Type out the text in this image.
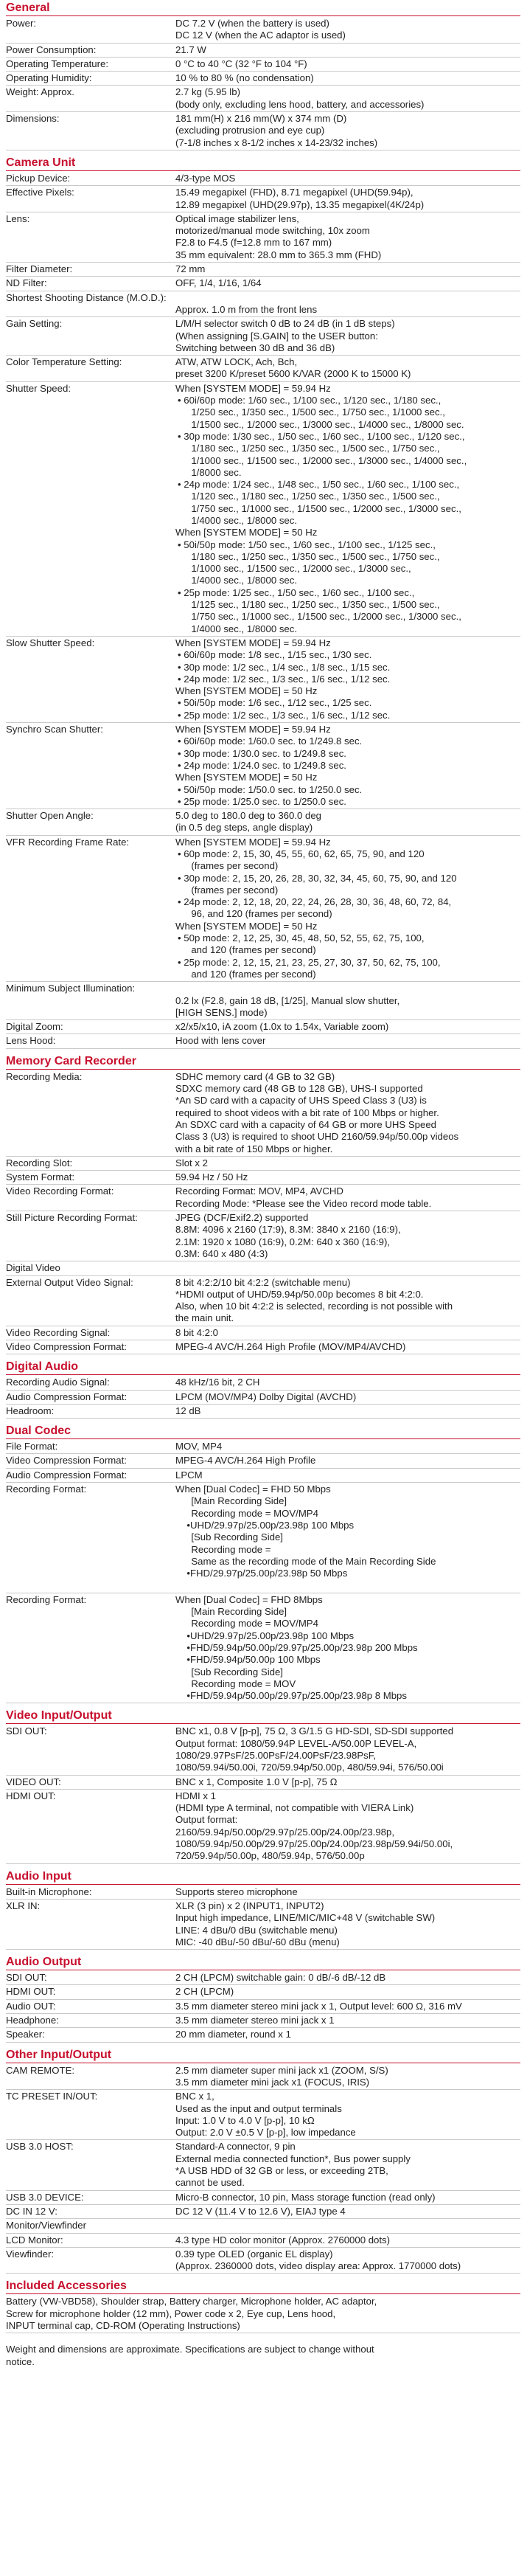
General
Power:	DC 7.2 V (when the battery is used)
DC 12 V (when the AC adaptor is used)
Power Consumption:	21.7 W
Operating Temperature:	0 °C to 40 °C (32 °F to 104 °F)
Operating Humidity:	10 % to 80 % (no condensation)
Weight: Approx.	2.7 kg (5.95 lb)
(body only, excluding lens hood, battery, and accessories)
Dimensions:	181 mm(H) x 216 mm(W) x 374 mm (D)
(excluding protrusion and eye cup)
(7-1/8 inches x 8-1/2 inches x 14-23/32 inches)
Camera Unit
Pickup Device:	4/3-type MOS
Effective Pixels:	15.49 megapixel (FHD), 8.71 megapixel (UHD(59.94p),
12.89 megapixel (UHD(29.97p), 13.35 megapixel(4K/24p)
Lens:	Optical image stabilizer lens,
motorized/manual mode switching, 10x zoom
F2.8 to F4.5 (f=12.8 mm to 167 mm)
35 mm equivalent: 28.0 mm to 365.3 mm (FHD)
Filter Diameter:	72 mm
ND Filter:	OFF, 1/4, 1/16, 1/64
Shortest Shooting Distance (M.O.D.):
Approx. 1.0 m from the front lens
Gain Setting:	L/M/H selector switch 0 dB to 24 dB (in 1 dB steps)
(When assigning [S.GAIN] to the USER button:
Switching between 30 dB and 36 dB)
Color Temperature Setting:	ATW, ATW LOCK, Ach, Bch,
preset 3200 K/preset 5600 K/VAR (2000 K to 15000 K)
Shutter Speed:	When [SYSTEM MODE] = 59.94 Hz
• 60i/60p mode: 1/60 sec., 1/100 sec., 1/120 sec., 1/180 sec.,
1/250 sec., 1/350 sec., 1/500 sec., 1/750 sec., 1/1000 sec.,
1/1500 sec., 1/2000 sec., 1/3000 sec., 1/4000 sec., 1/8000 sec.
• 30p mode: 1/30 sec., 1/50 sec., 1/60 sec., 1/100 sec., 1/120 sec.,
1/180 sec., 1/250 sec., 1/350 sec., 1/500 sec., 1/750 sec.,
1/1000 sec., 1/1500 sec., 1/2000 sec., 1/3000 sec., 1/4000 sec.,
1/8000 sec.
• 24p mode: 1/24 sec., 1/48 sec., 1/50 sec., 1/60 sec., 1/100 sec.,
1/120 sec., 1/180 sec., 1/250 sec., 1/350 sec., 1/500 sec.,
1/750 sec., 1/1000 sec., 1/1500 sec., 1/2000 sec., 1/3000 sec.,
1/4000 sec., 1/8000 sec.
When [SYSTEM MODE] = 50 Hz
• 50i/50p mode: 1/50 sec., 1/60 sec., 1/100 sec., 1/125 sec.,
1/180 sec., 1/250 sec., 1/350 sec., 1/500 sec., 1/750 sec.,
1/1000 sec., 1/1500 sec., 1/2000 sec., 1/3000 sec.,
1/4000 sec., 1/8000 sec.
• 25p mode: 1/25 sec., 1/50 sec., 1/60 sec., 1/100 sec.,
1/125 sec., 1/180 sec., 1/250 sec., 1/350 sec., 1/500 sec.,
1/750 sec., 1/1000 sec., 1/1500 sec., 1/2000 sec., 1/3000 sec.,
1/4000 sec., 1/8000 sec.
Slow Shutter Speed:	When [SYSTEM MODE] = 59.94 Hz
• 60i/60p mode: 1/8 sec., 1/15 sec., 1/30 sec.
• 30p mode: 1/2 sec., 1/4 sec., 1/8 sec., 1/15 sec.
• 24p mode: 1/2 sec., 1/3 sec., 1/6 sec., 1/12 sec.
When [SYSTEM MODE] = 50 Hz
• 50i/50p mode: 1/6 sec., 1/12 sec., 1/25 sec.
• 25p mode: 1/2 sec., 1/3 sec., 1/6 sec., 1/12 sec.
Synchro Scan Shutter:	When [SYSTEM MODE] = 59.94 Hz
• 60i/60p mode: 1/60.0 sec. to 1/249.8 sec.
• 30p mode: 1/30.0 sec. to 1/249.8 sec.
• 24p mode: 1/24.0 sec. to 1/249.8 sec.
When [SYSTEM MODE] = 50 Hz
• 50i/50p mode: 1/50.0 sec. to 1/250.0 sec.
• 25p mode: 1/25.0 sec. to 1/250.0 sec.
Shutter Open Angle:	5.0 deg to 180.0 deg to 360.0 deg
(in 0.5 deg steps, angle display)
VFR Recording Frame Rate:	When [SYSTEM MODE] = 59.94 Hz
• 60p mode: 2, 15, 30, 45, 55, 60, 62, 65, 75, 90, and 120
(frames per second)
• 30p mode: 2, 15, 20, 26, 28, 30, 32, 34, 45, 60, 75, 90, and 120
(frames per second)
• 24p mode: 2, 12, 18, 20, 22, 24, 26, 28, 30, 36, 48, 60, 72, 84,
96, and 120 (frames per second)
When [SYSTEM MODE] = 50 Hz
• 50p mode: 2, 12, 25, 30, 45, 48, 50, 52, 55, 62, 75, 100,
and 120 (frames per second)
• 25p mode: 2, 12, 15, 21, 23, 25, 27, 30, 37, 50, 62, 75, 100,
and 120 (frames per second)
Minimum Subject Illumination:
0.2 lx (F2.8, gain 18 dB, [1/25], Manual slow shutter,
[HIGH SENS.] mode)
Digital Zoom:	x2/x5/x10, iA zoom (1.0x to 1.54x, Variable zoom)
Lens Hood:	Hood with lens cover
Memory Card Recorder
Recording Media:	SDHC memory card (4 GB to 32 GB)
SDXC memory card (48 GB to 128 GB), UHS-I supported
*An SD card with a capacity of UHS Speed Class 3 (U3) is
required to shoot videos with a bit rate of 100 Mbps or higher.
An SDXC card with a capacity of 64 GB or more UHS Speed
Class 3 (U3) is required to shoot UHD 2160/59.94p/50.00p videos
with a bit rate of 150 Mbps or higher.
Recording Slot:	Slot x 2
System Format:	59.94 Hz / 50 Hz
Video Recording Format:	Recording Format: MOV, MP4, AVCHD
Recording Mode: *Please see the Video record mode table.
Still Picture Recording Format:	JPEG (DCF/Exif2.2) supported
8.8M: 4096 x 2160 (17:9), 8.3M: 3840 x 2160 (16:9),
2.1M: 1920 x 1080 (16:9), 0.2M: 640 x 360 (16:9),
0.3M: 640 x 480 (4:3)
Digital Video

External Output Video Signal:	8 bit 4:2:2/10 bit 4:2:2 (switchable menu)
*HDMI output of UHD/59.94p/50.00p becomes 8 bit 4:2:0.
Also, when 10 bit 4:2:2 is selected, recording is not possible with
the main unit.
Video Recording Signal:	8 bit 4:2:0
Video Compression Format:	MPEG-4 AVC/H.264 High Profile (MOV/MP4/AVCHD)
Digital Audio
Recording Audio Signal:	48 kHz/16 bit, 2 CH
Audio Compression Format:	LPCM (MOV/MP4) Dolby Digital (AVCHD)
Headroom:	12 dB
Dual Codec
File Format:	MOV, MP4
Video Compression Format:	MPEG-4 AVC/H.264 High Profile
Audio Compression Format:	LPCM
Recording Format:	When [Dual Codec] = FHD 50 Mbps
[Main Recording Side]
Recording mode = MOV/MP4
•UHD/29.97p/25.00p/23.98p 100 Mbps
[Sub Recording Side]
Recording mode =
Same as the recording mode of the Main Recording Side
•FHD/29.97p/25.00p/23.98p 50 Mbps

Recording Format:	When [Dual Codec] = FHD 8Mbps
[Main Recording Side]
Recording mode = MOV/MP4
•UHD/29.97p/25.00p/23.98p 100 Mbps
•FHD/59.94p/50.00p/29.97p/25.00p/23.98p 200 Mbps
•FHD/59.94p/50.00p 100 Mbps
[Sub Recording Side]
Recording mode = MOV
•FHD/59.94p/50.00p/29.97p/25.00p/23.98p 8 Mbps
Video Input/Output
SDI OUT:	BNC x1, 0.8 V [p-p], 75 Ω, 3 G/1.5 G HD-SDI, SD-SDI supported
Output format: 1080/59.94P LEVEL-A/50.00P LEVEL-A,
1080/29.97PsF/25.00PsF/24.00PsF/23.98PsF,
1080/59.94i/50.00i, 720/59.94p/50.00p, 480/59.94i, 576/50.00i
VIDEO OUT:	BNC x 1, Composite 1.0 V [p-p], 75 Ω
HDMI OUT:	HDMI x 1
(HDMI type A terminal, not compatible with VIERA Link)
Output format:
2160/59.94p/50.00p/29.97p/25.00p/24.00p/23.98p,
1080/59.94p/50.00p/29.97p/25.00p/24.00p/23.98p/59.94i/50.00i,
720/59.94p/50.00p, 480/59.94p, 576/50.00p
Audio Input
Built-in Microphone:	Supports stereo microphone
XLR IN:	XLR (3 pin) x 2 (INPUT1, INPUT2)
Input high impedance, LINE/MIC/MIC+48 V (switchable SW)
LINE: 4 dBu/0 dBu (switchable menu)
MIC: -40 dBu/-50 dBu/-60 dBu (menu)
Audio Output
SDI OUT:	2 CH (LPCM) switchable gain: 0 dB/-6 dB/-12 dB
HDMI OUT:	2 CH (LPCM)
Audio OUT:	3.5 mm diameter stereo mini jack x 1, Output level: 600 Ω, 316 mV
Headphone:	3.5 mm diameter stereo mini jack x 1
Speaker:	20 mm diameter, round x 1
Other Input/Output
CAM REMOTE:	2.5 mm diameter super mini jack x1 (ZOOM, S/S)
3.5 mm diameter mini jack x1 (FOCUS, IRIS)
TC PRESET IN/OUT:	BNC x 1,
Used as the input and output terminals
Input: 1.0 V to 4.0 V [p-p], 10 kΩ
Output: 2.0 V ±0.5 V [p-p], low impedance
USB 3.0 HOST:	Standard-A connector, 9 pin
External media connected function*, Bus power supply
*A USB HDD of 32 GB or less, or exceeding 2TB,
cannot be used.
USB 3.0 DEVICE:	Micro-B connector, 10 pin, Mass storage function (read only)
DC IN 12 V:	DC 12 V (11.4 V to 12.6 V), EIAJ type 4
Monitor/Viewfinder

LCD Monitor:	4.3 type HD color monitor (Approx. 2760000 dots)
Viewfinder:	0.39 type OLED (organic EL display)
(Approx. 2360000 dots, video display area: Approx. 1770000 dots)
Included Accessories
Battery (VW-VBD58), Shoulder strap, Battery charger, Microphone holder, AC adaptor,
Screw for microphone holder (12 mm), Power code x 2, Eye cup, Lens hood,
INPUT terminal cap, CD-ROM (Operating Instructions)
Weight and dimensions are approximate. Specifications are subject to change without
notice.
